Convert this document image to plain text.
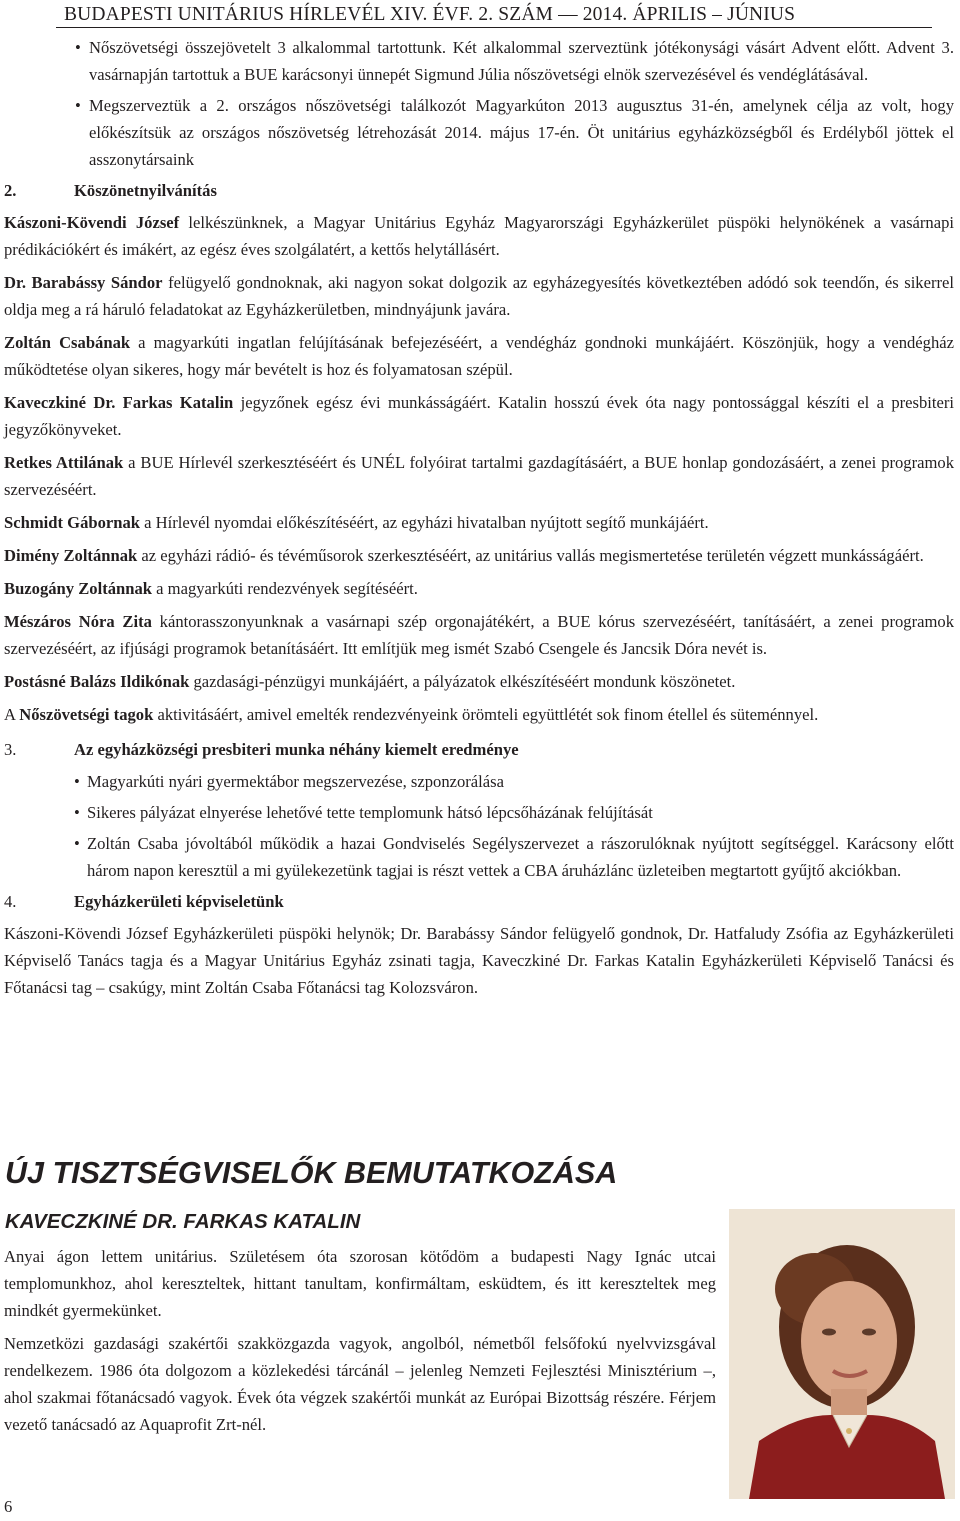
BUDAPESTI UNITÁRIUS HÍRLEVÉL XIV. ÉVF. 2. SZÁM — 2014. ÁPRILIS – JÚNIUS

• Nőszövetségi összejövetelt 3 alkalommal tartottunk. Két alkalommal szerveztünk jótékonysági vásárt Advent előtt. Advent 3. vasárnapján tartottuk a BUE karácsonyi ünnepét Sigmund Júlia nőszövetségi elnök szervezésével és vendéglátásával.

• Megszerveztük a 2. országos nőszövetségi találkozót Magyarkúton 2013 augusztus 31-én, amelynek célja az volt, hogy előkészítsük az országos nőszövetség létrehozását 2014. május 17-én. Öt unitárius egyházközségből és Erdélyből jöttek el asszonytársaink

2.	Köszönetnyilvánítás

Kászoni-Kövendi József lelkészünknek, a Magyar Unitárius Egyház Magyarországi Egyházkerület püspöki helynökének a vasárnapi prédikációkért és imákért, az egész éves szolgálatért, a kettős helytállásért.

Dr. Barabássy Sándor felügyelő gondnoknak, aki nagyon sokat dolgozik az egyházegyesítés következtében adódó sok teendőn, és sikerrel oldja meg a rá háruló feladatokat az Egyházkerületben, mindnyájunk javára.

Zoltán Csabának a magyarkúti ingatlan felújításának befejezéséért, a vendégház gondnoki munkájáért. Köszönjük, hogy a vendégház működtetése olyan sikeres, hogy már bevételt is hoz és folyamatosan szépül.

Kaveczkiné Dr. Farkas Katalin jegyzőnek egész évi munkásságáért. Katalin hosszú évek óta nagy pontossággal készíti el a presbiteri jegyzőkönyveket.

Retkes Attilának a BUE Hírlevél szerkesztéséért és UNÉL folyóirat tartalmi gazdagításáért, a BUE honlap gondozásáért, a zenei programok szervezéséért.

Schmidt Gábornak a Hírlevél nyomdai előkészítéséért, az egyházi hivatalban nyújtott segítő munkájáért.

Dimény Zoltánnak az egyházi rádió- és tévéműsorok szerkesztéséért, az unitárius vallás megismertetése területén végzett munkásságáért.

Buzogány Zoltánnak a magyarkúti rendezvények segítéséért.

Mészáros Nóra Zita kántorasszonyunknak a vasárnapi szép orgonajátékért, a BUE kórus szervezéséért, tanításáért, a zenei programok szervezéséért, az ifjúsági programok betanításáért. Itt említjük meg ismét Szabó Csengele és Jancsik Dóra nevét is.

Postásné Balázs Ildikónak gazdasági-pénzügyi munkájáért, a pályázatok elkészítéséért mondunk köszönetet.

A Nőszövetségi tagok aktivitásáért, amivel emelték rendezvényeink örömteli együttlétét sok finom étellel és süteménnyel.

3.	Az egyházközségi presbiteri munka néhány kiemelt eredménye

• Magyarkúti nyári gyermektábor megszervezése, szponzorálása

• Sikeres pályázat elnyerése lehetővé tette templomunk hátsó lépcsőházának felújítását

• Zoltán Csaba jóvoltából működik a hazai Gondviselés Segélyszervezet a rászorulóknak nyújtott segítséggel. Karácsony előtt három napon keresztül a mi gyülekezetünk tagjai is részt vettek a CBA áruházlánc üzleteiben megtartott gyűjtő akciókban.

4.	Egyházkerületi képviseletünk

Kászoni-Kövendi József Egyházkerületi püspöki helynök; Dr. Barabássy Sándor felügyelő gondnok, Dr. Hatfaludy Zsófia az Egyházkerületi Képviselő Tanács tagja és a Magyar Unitárius Egyház zsinati tagja, Kaveczkiné Dr. Farkas Katalin Egyházkerületi Képviselő Tanácsi és Főtanácsi tag – csakúgy, mint Zoltán Csaba Főtanácsi tag Kolozsváron.

ÚJ TISZTSÉGVISELŐK BEMUTATKOZÁSA
KAVECZKINÉ DR. FARKAS KATALIN

Anyai ágon lettem unitárius. Születésem óta szorosan kötődöm a budapesti Nagy Ignác utcai templomunkhoz, ahol kereszteltek, hittant tanultam, konfirmáltam, esküdtem, és itt kereszteltek meg mindkét gyermekünket.

Nemzetközi gazdasági szakértői szakközgazda vagyok, angolból, németből felsőfokú nyelvvizsgával rendelkezem. 1986 óta dolgozom a közlekedési tárcánál – jelenleg Nemzeti Fejlesztési Minisztérium –, ahol szakmai főtanácsadó vagyok. Évek óta végzek szakértői munkát az Európai Bizottság részére. Férjem vezető tanácsadó az Aquaprofit Zrt-nél.

6
